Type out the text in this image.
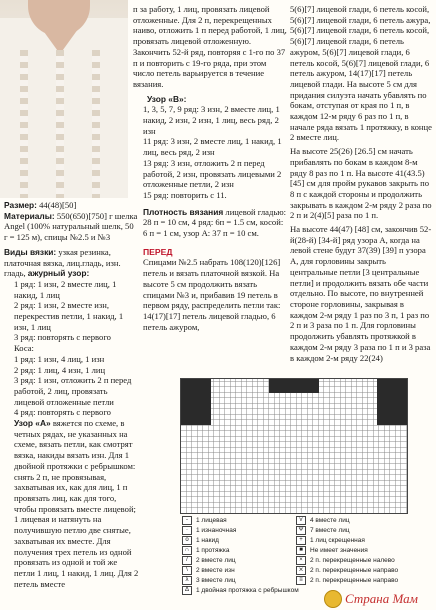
Размер: 44(48)[50]

Материалы: 550(650)[750] г шелка Angel (100% натуральный шелк, 50 г = 125 м), спицы №2.5 и №3

Виды вязки: узкая резинка, платочная вязка, лиц.гладь, изн. гладь, ажурный узор:

1 ряд: 1 изн, 2 вместе лиц, 1 накид, 1 лиц

2 ряд: 1 изн, 2 вместе изн, перекрестив петли, 1 накид, 1 изн, 1 лиц

3 ряд: повторять с первого

Коса:

1 ряд: 1 изн, 4 лиц, 1 изн

2 ряд: 1 лиц, 4 изн, 1 лиц

3 ряд: 1 изн, отложить 2 п перед работой, 2 лиц, провязать лицевой отложенные петли

4 ряд: повторять с первого

Узор «А» вяжется по схеме, в четных рядах, не указанных на схеме, вязать петли, как смотрят вязка, накиды вязать изн. Для 1 двойной протяжки с ребрышком: снять 2 п, не провязывая, захватывая их, как для лиц, 1 п провязать лиц, как для того, чтобы провязать вместе лицевой; 1 лицевая и натянуть на получившую петлю две снятые, захватывая их вместе. Для получения трех петель из одной провязать из одной и той же петли 1 лиц, 1 накид, 1 лиц. Для 2 петель вместе

п за работу, 1 лиц, провязать лицевой отложенные. Для 2 п, перекрещенных наиво, отложить 1 п перед работой, 1 лиц, провязать лицевой отложенную. Закончить 52-й ряд, повторяя с 1-го по 37 п и повторить с 19-го ряда, при этом число петель варьируется в течение вязания.

Узор «В»:

1, 3, 5, 7, 9 ряд: 3 изн, 2 вместе лиц, 1 накид, 2 изн, 2 изн, 1 лиц, весь ряд, 2 изн

11 ряд: 3 изн, 2 вместе лиц, 1 накид, 1 лиц, весь ряд, 2 изн

13 ряд: 3 изн, отложить 2 п перед работой, 2 изн, провязать лицевыми 2 отложенные петли, 2 изн

15 ряд: повторить с 11.

Плотность вязания лицевой гладью: 28 п = 10 см, 4 ряд: 6п = 1.5 см, косой: 6 п = 1 см, узор А: 37 п = 10 см.

ПЕРЕД

Спицами №2.5 набрать 108(120)[126] петель и вязать платочной вязкой. На высоте 5 см продолжить вязать спицами №3 и, прибавив 19 петель в первом ряду, распределить петли так: 14(17)[17] петель лицевой гладью, 6 петель ажуром,

5(6)[7] лицевой глади, 6 петель косой, 5(6)[7] лицевой глади, 6 петель ажура, 5(6)[7] лицевой глади, 6 петель косой, 5(6)[7] лицевой глади, 6 петель ажуром, 5(6)[7] лицевой глади, 6 петель косой, 5(6)[7] лицевой глади, 6 петель ажуром, 14(17)[17] петель лицевой глади. На высоте 5 см для придания силуэта начать убавлять по бокам, отступая от края по 1 п, в каждом 12-м ряду 6 раз по 1 п, в начале ряда вязать 1 протяжку, в конце 2 вместе лиц.

На высоте 25(26) [26.5] см начать прибавлять по бокам в каждом 8-м ряду 8 раз по 1 п. На высоте 41(43.5) [45] см для пройм рукавов закрыть по 8 п с каждой стороны и продолжить закрывать в каждом 2-м ряду 2 раза по 2 п и 2(4)[5] раза по 1 п.

На высоте 44(47) [48] см, закончив 52-й(28-й) [34-й] ряд узора А, когда на левой стене будут 37(39) [39] п узора А, для горловины закрыть центральные петли [3 центральные петли] и продолжить вязать обе части отдельно. По высоте, по внутренней стороне горловины, закрывая в каждом 2-м ряду 1 раз по 3 п, 1 раз по 2 п и 3 раза по 1 п. Для горловины продолжить убавлять протяжкой в каждом 2-м ряду 3 раза по 1 п и 3 раза в каждом 2-м ряду 22(24)

-	1 лицевая
·	1 изнаночная
o	1 накид
∩	1 протяжка
/	2 вместе лиц
\	2 вместе изн
λ	3 вместе лиц
Δ	1 двойная протяжка с ребрышком
⋎	4 вместе лиц
Ψ	7 вместе лиц
+	1 лиц скрещенная
■	Не имеет значения
×	2 п. перекрещенные налево
⨯ 2 п. перекрещенные направо
≡	2 п. перекрещенные направо
Страна Мам
